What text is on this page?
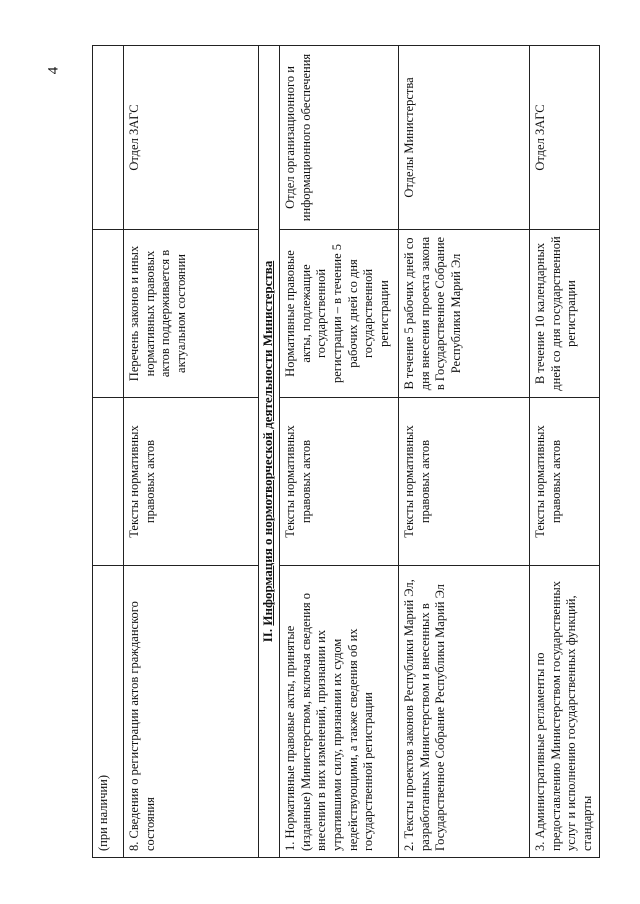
4
(при наличии)			
8. Сведения о регистрации актов гражданского состояния	Тексты нормативных правовых актов	Перечень законов и иных нормативных правовых актов поддерживается в актуальном состоянии	Отдел ЗАГС
II. Информация о нормотворческой деятельности Министерства			
1. Нормативные правовые акты, принятые (изданные) Министерством, включая сведения о внесении в них изменений, признании их утратившими силу, признании их судом недействующими, а также сведения об их государственной регистрации	Тексты нормативных правовых актов	Нормативные правовые акты, подлежащие государственной регистрации – в течение 5 рабочих дней со дня государственной регистрации	Отдел организационного и информационного обеспечения
2. Тексты проектов законов Республики Марий Эл, разработанных Министерством и внесенных в Государственное Собрание Республики Марий Эл	Тексты нормативных правовых актов	В течение 5 рабочих дней со дня внесения проекта закона в Государственное Собрание Республики Марий Эл	Отделы Министерства
3. Административные регламенты по предоставлению Министерством государственных услуг и исполнению государственных функций, стандарты	Тексты нормативных правовых актов	В течение 10 календарных дней со дня государственной регистрации	Отдел ЗАГС
